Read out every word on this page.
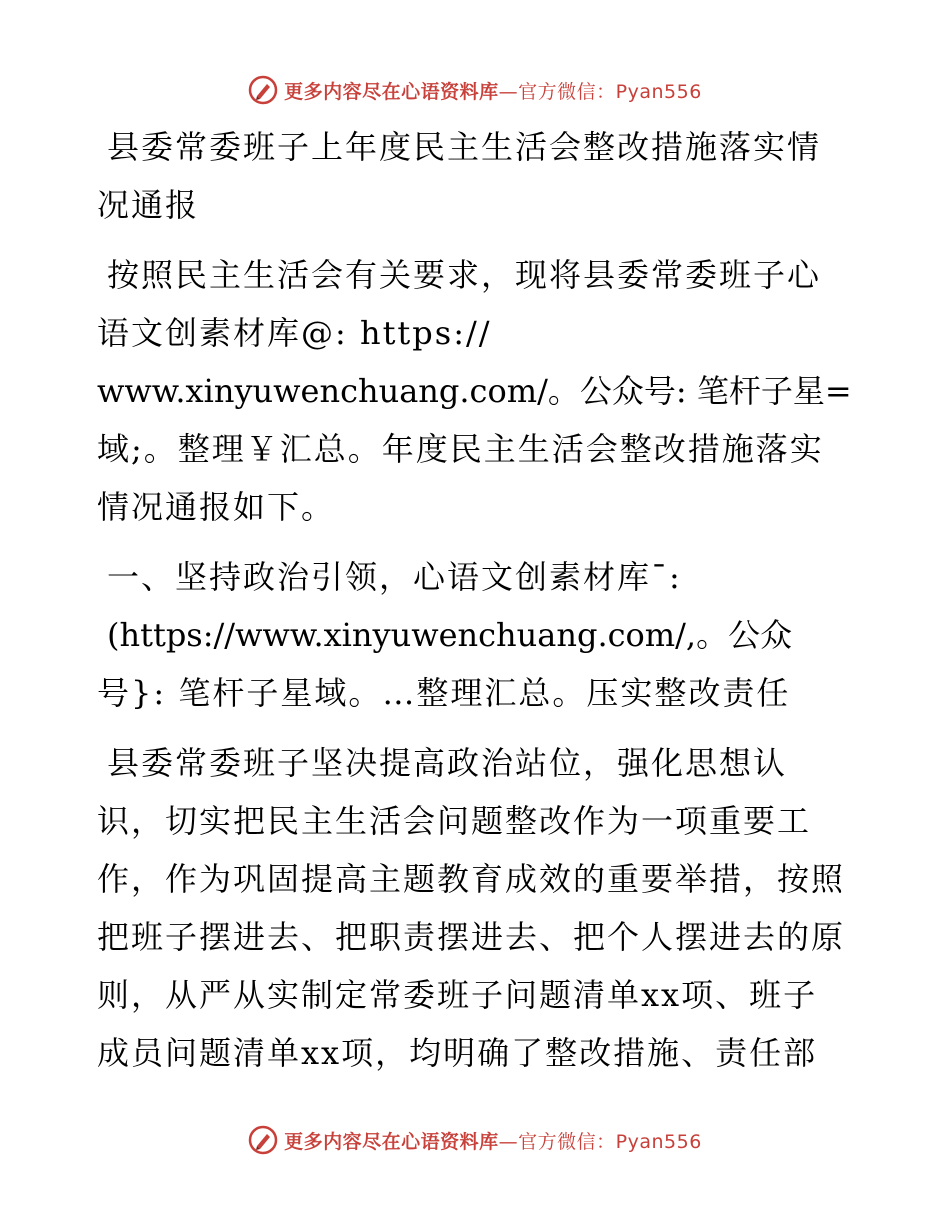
更多内容尽在心语资料库—官方微信：Pyan556
县委常委班子上年度民主生活会整改措施落实情
况通报
按照民主生活会有关要求，现将县委常委班子心
语文创素材库@: https://
www.xinyuwenchuang.com/。公众号: 笔杆子星=
域;。整理￥汇总。年度民主生活会整改措施落实
情况通报如下。
一、坚持政治引领，心语文创素材库¯:
(https://www.xinyuwenchuang.com/,。公众
号}: 笔杆子星域。…整理汇总。压实整改责任
县委常委班子坚决提高政治站位，强化思想认
识，切实把民主生活会问题整改作为一项重要工
作，作为巩固提高主题教育成效的重要举措，按照
把班子摆进去、把职责摆进去、把个人摆进去的原
则，从严从实制定常委班子问题清单xx项、班子
成员问题清单xx项，均明确了整改措施、责任部
更多内容尽在心语资料库—官方微信：Pyan556
